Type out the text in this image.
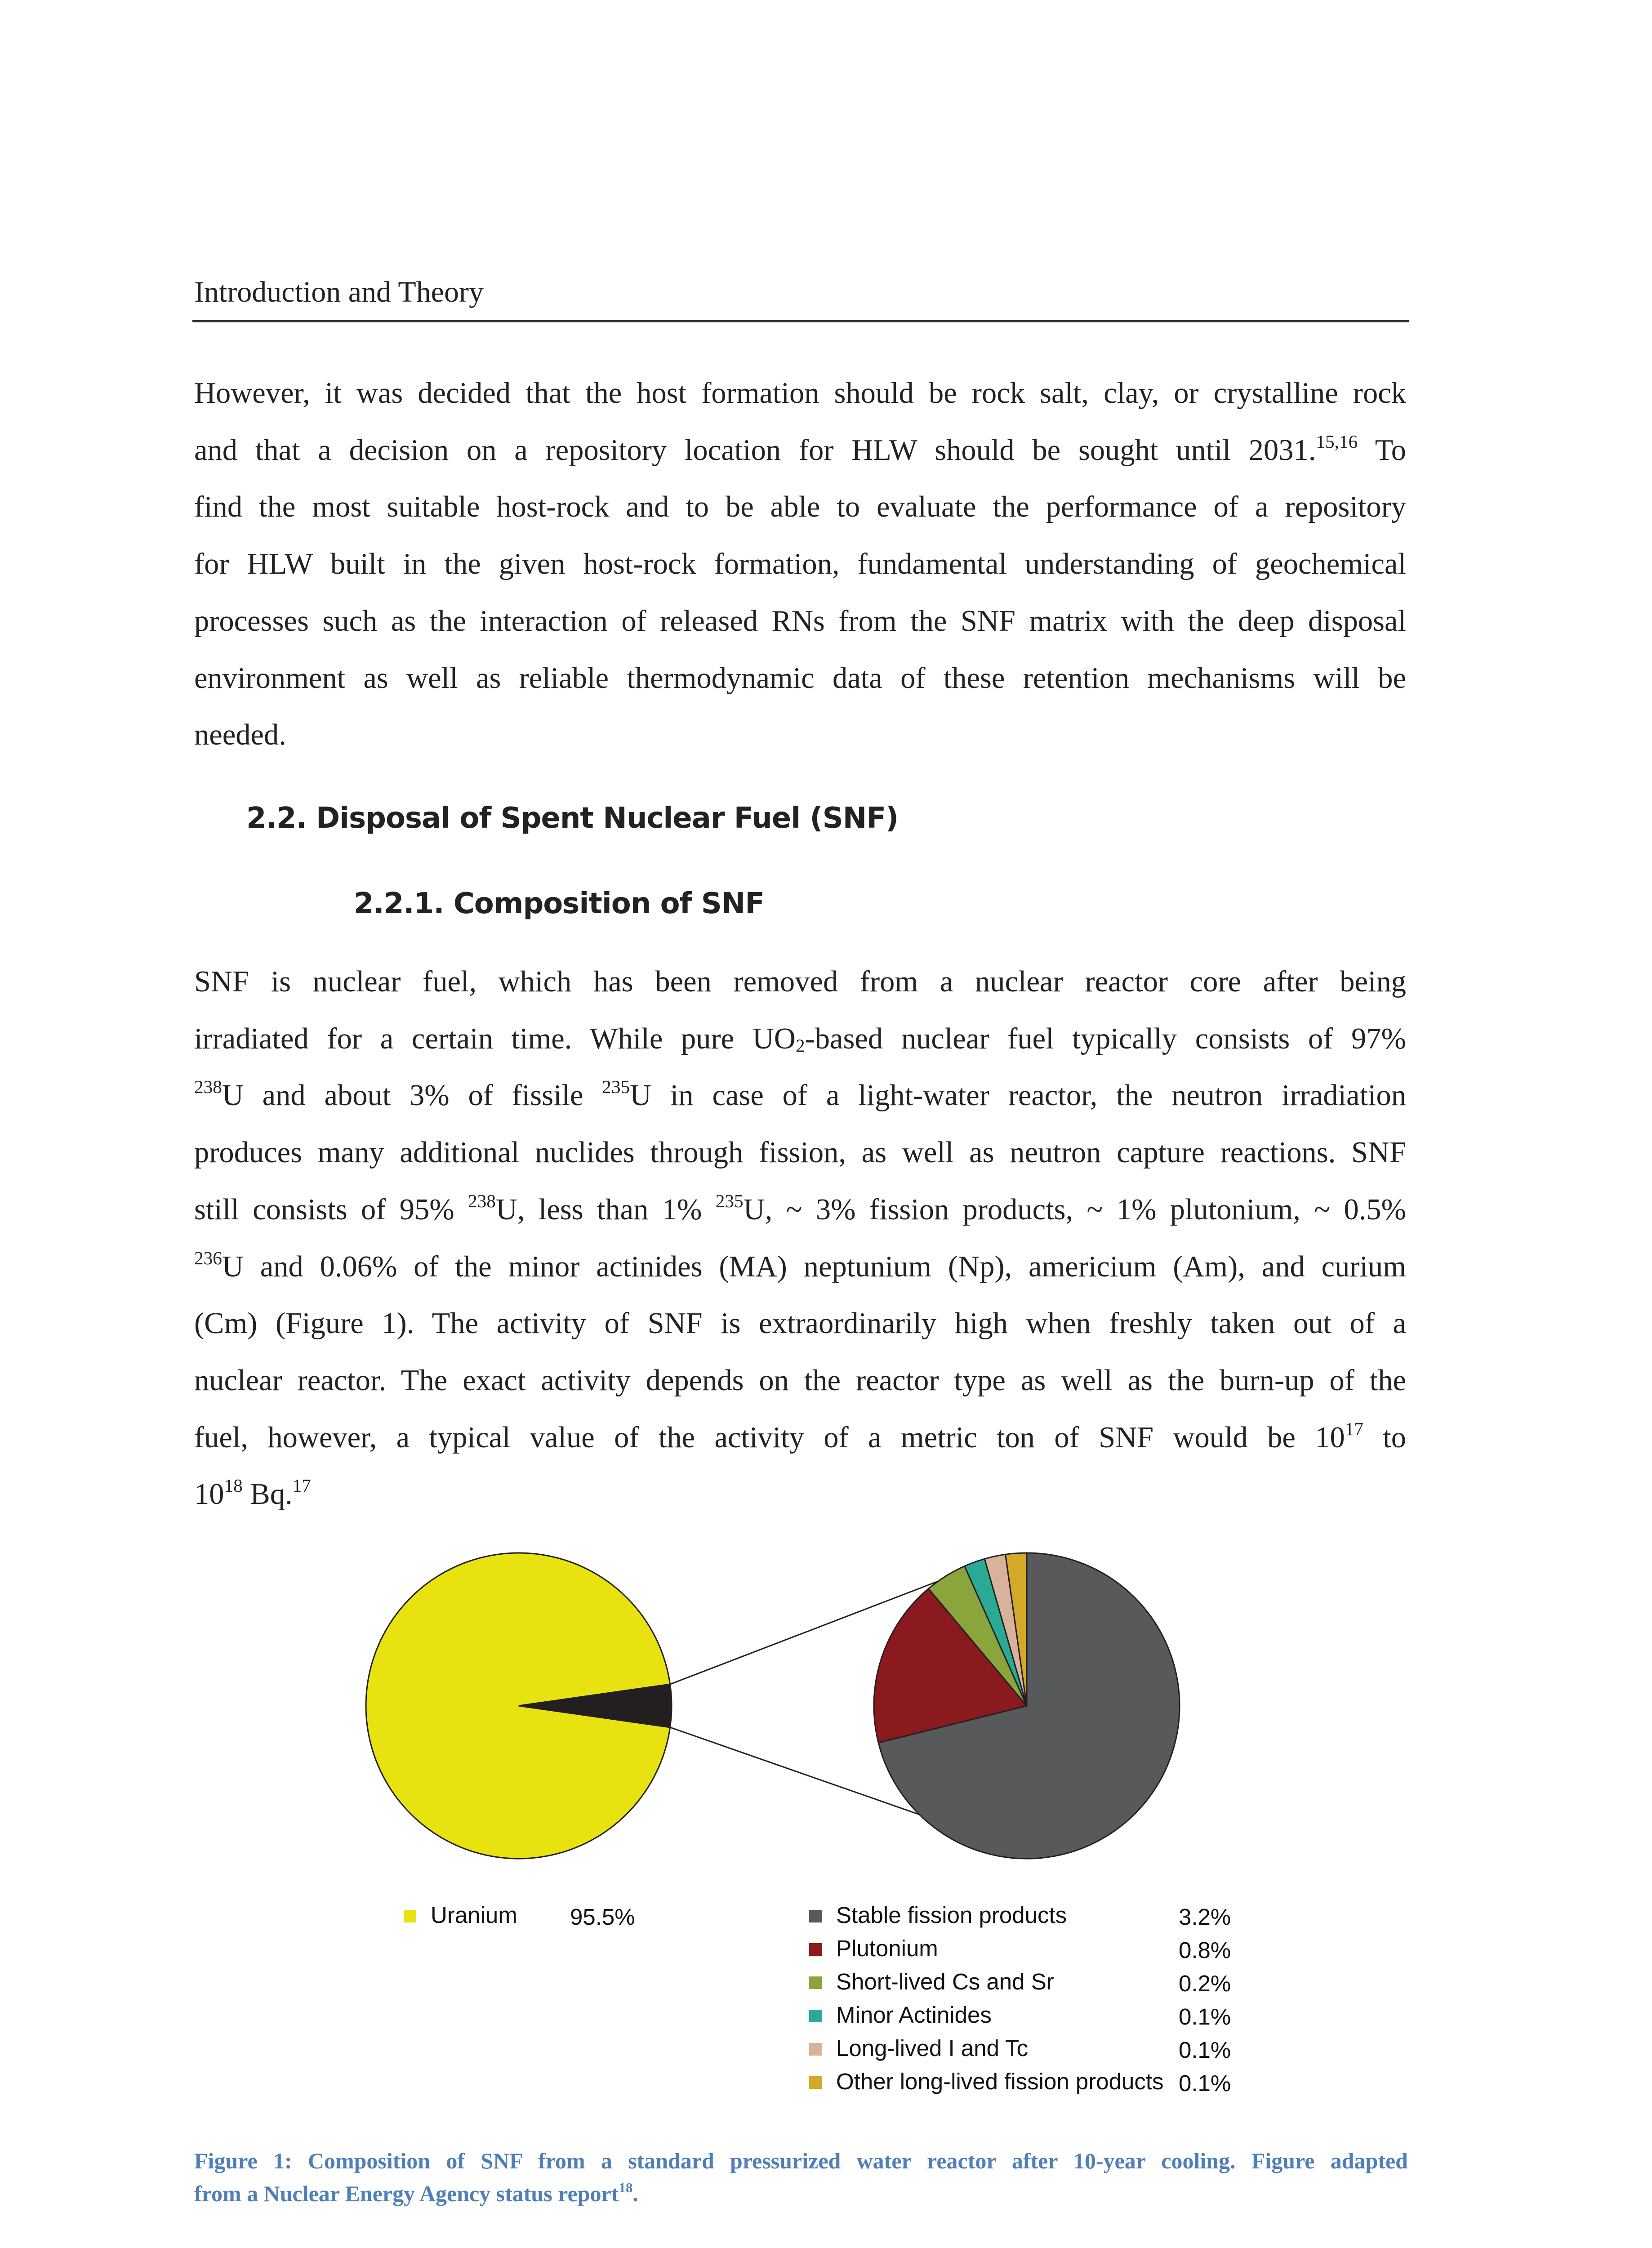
Introduction and Theory
However, it was decided that the host formation should be rock salt, clay, or crystalline rock
and that a decision on a repository location for HLW should be sought until 2031.$^{15,16}$ To
find the most suitable host-rock and to be able to evaluate the performance of a repository
for HLW built in the given host-rock formation, fundamental understanding of geochemical
processes such as the interaction of released RNs from the SNF matrix with the deep disposal
environment as well as reliable thermodynamic data of these retention mechanisms will be
needed.
2.2. Disposal of Spent Nuclear Fuel (SNF)
2.2.1. Composition of SNF
SNF is nuclear fuel, which has been removed from a nuclear reactor core after being
irradiated for a certain time. While pure $UO_2$-based nuclear fuel typically consists of 97%
$^{238}$U and about 3% of fissile $^{235}$U in case of a light-water reactor, the neutron irradiation
produces many additional nuclides through fission, as well as neutron capture reactions. SNF
still consists of 95% $^{238}$U, less than 1% $^{235}$U, ~ 3% fission products, ~ 1% plutonium, ~ 0.5%
$^{236}$U and 0.06% of the minor actinides (MA) neptunium (Np), americium (Am), and curium
(Cm) (Figure 1). The activity of SNF is extraordinarily high when freshly taken out of a
nuclear reactor. The exact activity depends on the reactor type as well as the burn-up of the
fuel, however, a typical value of the activity of a metric ton of SNF would be $10^{17}$ to
$10^{18}$ Bq.$^{17}$
Uranium 95.5%	Stable fission products	3.2%
Plutonium	0.8%
Short-lived Cs and Sr	0.2%
Minor Actinides	0.1%
Long-lived I and Tc	0.1%
Other long-lived fission products 0.1%
Figure 1: Composition of SNF from a standard pressurized water reactor after 10-year cooling. Figure adapted
from a Nuclear Energy Agency status report$^{18}$.
